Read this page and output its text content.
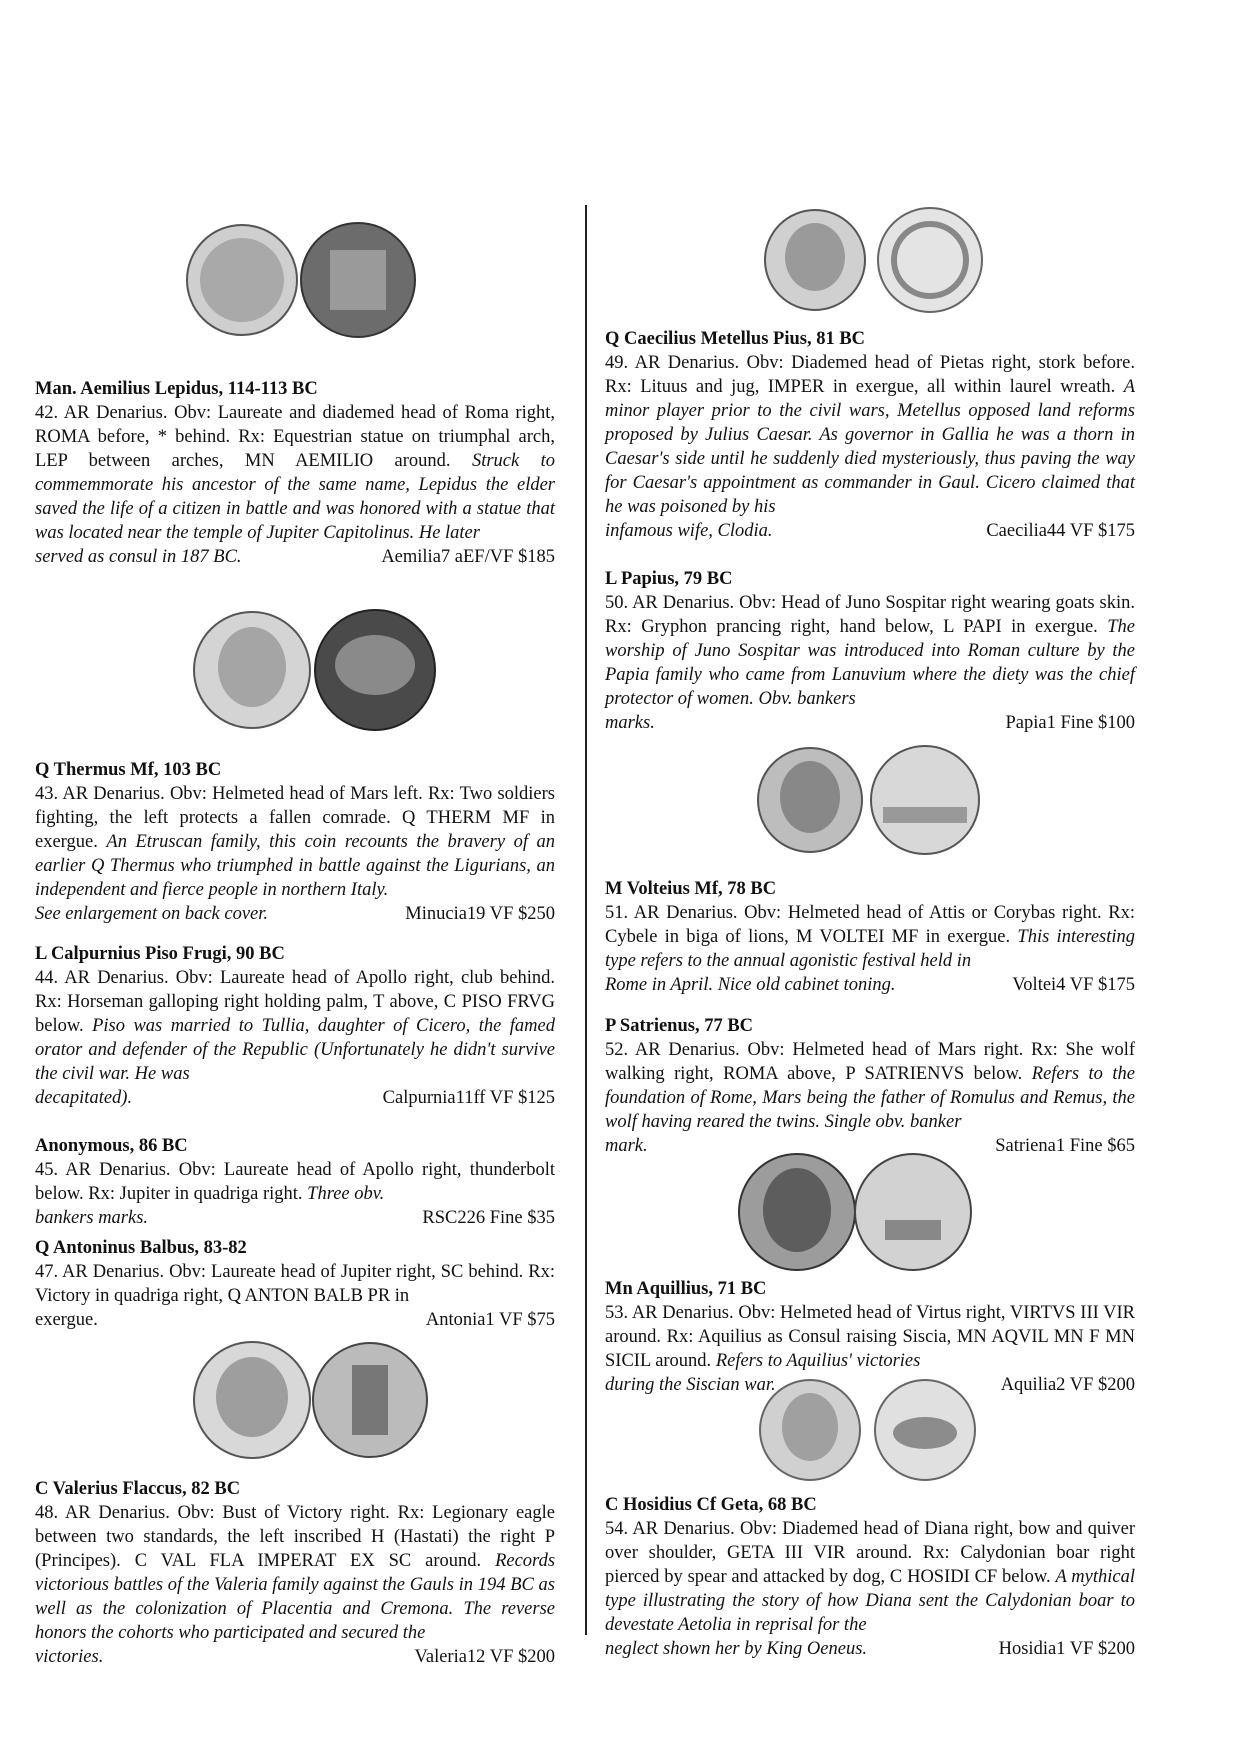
Man. Aemilius Lepidus, 114-113 BC

42. AR Denarius. Obv: Laureate and diademed head of Roma right, ROMA before, * behind. Rx: Equestrian statue on triumphal arch, LEP between arches, MN AEMILIO around. Struck to commemmorate his ancestor of the same name, Lepidus the elder saved the life of a citizen in battle and was honored with a statue that was located near the temple of Jupiter Capitolinus. He later

served as consul in 187 BC.	Aemilia7 aEF/VF $185
Q Thermus Mf, 103 BC

43. AR Denarius. Obv: Helmeted head of Mars left. Rx: Two soldiers fighting, the left protects a fallen comrade. Q THERM MF in exergue. An Etruscan family, this coin recounts the bravery of an earlier Q Thermus who triumphed in battle against the Ligurians, an independent and fierce people in northern Italy.

See enlargement on back cover.	Minucia19 VF $250
L Calpurnius Piso Frugi, 90 BC

44. AR Denarius. Obv: Laureate head of Apollo right, club behind. Rx: Horseman galloping right holding palm, T above, C PISO FRVG below. Piso was married to Tullia, daughter of Cicero, the famed orator and defender of the Republic (Unfortunately he didn't survive the civil war. He was

decapitated).	Calpurnia11ff VF $125
Anonymous, 86 BC

45. AR Denarius. Obv: Laureate head of Apollo right, thunderbolt below. Rx: Jupiter in quadriga right. Three obv.

bankers marks.	RSC226 Fine $35
Q Antoninus Balbus, 83-82

47. AR Denarius. Obv: Laureate head of Jupiter right, SC behind. Rx: Victory in quadriga right, Q ANTON BALB PR in

exergue.	Antonia1 VF $75
C Valerius Flaccus, 82 BC

48. AR Denarius. Obv: Bust of Victory right. Rx: Legionary eagle between two standards, the left inscribed H (Hastati) the right P (Principes). C VAL FLA IMPERAT EX SC around. Records victorious battles of the Valeria family against the Gauls in 194 BC as well as the colonization of Placentia and Cremona. The reverse honors the cohorts who participated and secured the

victories.	Valeria12 VF $200
Q Caecilius Metellus Pius, 81 BC

49. AR Denarius. Obv: Diademed head of Pietas right, stork before. Rx: Lituus and jug, IMPER in exergue, all within laurel wreath. A minor player prior to the civil wars, Metellus opposed land reforms proposed by Julius Caesar. As governor in Gallia he was a thorn in Caesar's side until he suddenly died mysteriously, thus paving the way for Caesar's appointment as commander in Gaul. Cicero claimed that he was poisoned by his

infamous wife, Clodia.	Caecilia44 VF $175
L Papius, 79 BC

50. AR Denarius. Obv: Head of Juno Sospitar right wearing goats skin. Rx: Gryphon prancing right, hand below, L PAPI in exergue. The worship of Juno Sospitar was introduced into Roman culture by the Papia family who came from Lanuvium where the diety was the chief protector of women. Obv. bankers

marks.	Papia1 Fine $100
M Volteius Mf, 78 BC

51. AR Denarius. Obv: Helmeted head of Attis or Corybas right. Rx: Cybele in biga of lions, M VOLTEI MF in exergue. This interesting type refers to the annual agonistic festival held in

Rome in April. Nice old cabinet toning.	Voltei4 VF $175
P Satrienus, 77 BC

52. AR Denarius. Obv: Helmeted head of Mars right. Rx: She wolf walking right, ROMA above, P SATRIENVS below. Refers to the foundation of Rome, Mars being the father of Romulus and Remus, the wolf having reared the twins. Single obv. banker

mark.	Satriena1 Fine $65
Mn Aquillius, 71 BC

53. AR Denarius. Obv: Helmeted head of Virtus right, VIRTVS III VIR around. Rx: Aquilius as Consul raising Siscia, MN AQVIL MN F MN SICIL around. Refers to Aquilius' victories

during the Siscian war.	Aquilia2 VF $200
C Hosidius Cf Geta, 68 BC

54. AR Denarius. Obv: Diademed head of Diana right, bow and quiver over shoulder, GETA III VIR around. Rx: Calydonian boar right pierced by spear and attacked by dog, C HOSIDI CF below. A mythical type illustrating the story of how Diana sent the Calydonian boar to devestate Aetolia in reprisal for the

neglect shown her by King Oeneus.	Hosidia1 VF $200
